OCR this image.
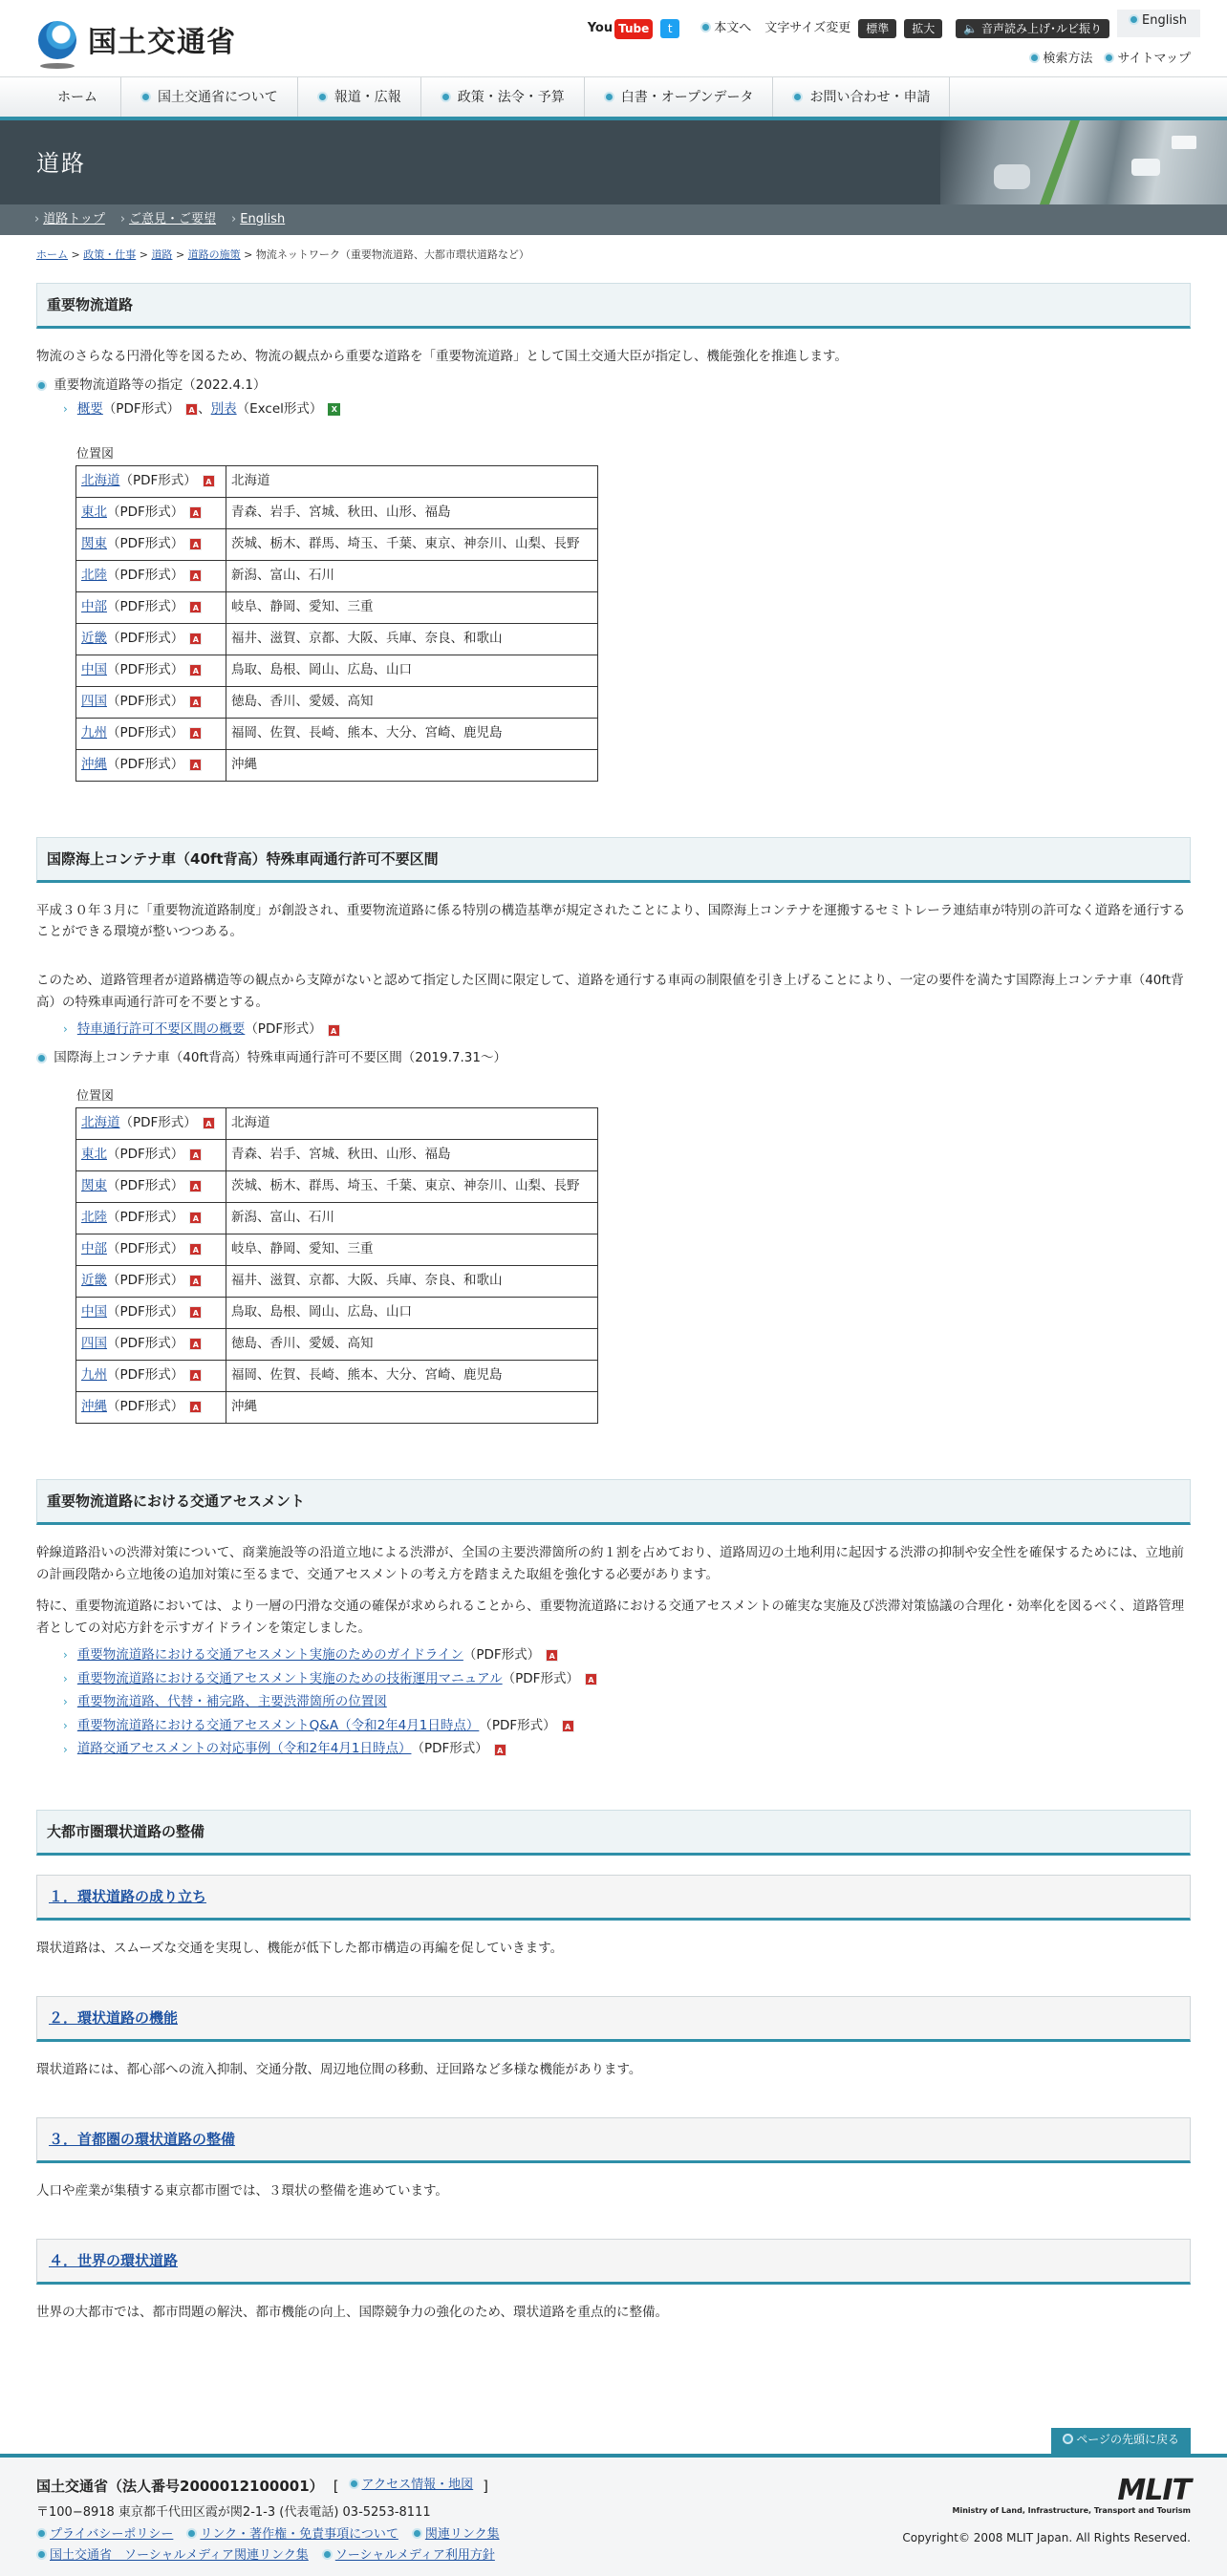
国土交通省	You Tube	t	本文へ 文字サイズ変更	標準	拡大	🔈 音声読み上げ･ルビ振り
English
検索方法	サイトマップ
ホーム	国土交通省について	報道・広報	政策・法令・予算	白書・オープンデータ	お問い合わせ・申請
道路
› 道路トップ › ご意見・ご要望 › English
ホーム > 政策・仕事 > 道路 > 道路の施策 > 物流ネットワーク（重要物流道路、大都市環状道路など）
重要物流道路

物流のさらなる円滑化等を図るため、物流の観点から重要な道路を「重要物流道路」として国土交通大臣が指定し、機能強化を推進します。

重要物流道路等の指定（2022.4.1）
› 概要 （PDF形式）	A 、 別表 （Excel形式）	X
位置図
北海道（PDF形式） A	北海道
東北（PDF形式） A	青森、岩手、宮城、秋田、山形、福島
関東（PDF形式） A	茨城、栃木、群馬、埼玉、千葉、東京、神奈川、山梨、長野
北陸（PDF形式） A	新潟、富山、石川
中部（PDF形式） A	岐阜、静岡、愛知、三重
近畿（PDF形式） A	福井、滋賀、京都、大阪、兵庫、奈良、和歌山
中国（PDF形式） A	鳥取、島根、岡山、広島、山口
四国（PDF形式） A	徳島、香川、愛媛、高知
九州（PDF形式） A	福岡、佐賀、長崎、熊本、大分、宮崎、鹿児島
沖縄（PDF形式） A	沖縄
国際海上コンテナ車（40ft背高）特殊車両通行許可不要区間

平成３０年３月に「重要物流道路制度」が創設され、重要物流道路に係る特別の構造基準が規定されたことにより、国際海上コンテナを運搬するセミトレーラ連結車が特別の許可なく道路を通行することができる環境が整いつつある。

このため、道路管理者が道路構造等の観点から支障がないと認めて指定した区間に限定して、道路を通行する車両の制限値を引き上げることにより、一定の要件を満たす国際海上コンテナ車（40ft背高）の特殊車両通行許可を不要とする。

› 特車通行許可不要区間の概要 （PDF形式）	A

国際海上コンテナ車（40ft背高）特殊車両通行許可不要区間（2019.7.31～）
位置図
北海道（PDF形式） A	北海道
東北（PDF形式） A	青森、岩手、宮城、秋田、山形、福島
関東（PDF形式） A	茨城、栃木、群馬、埼玉、千葉、東京、神奈川、山梨、長野
北陸（PDF形式） A	新潟、富山、石川
中部（PDF形式） A	岐阜、静岡、愛知、三重
近畿（PDF形式） A	福井、滋賀、京都、大阪、兵庫、奈良、和歌山
中国（PDF形式） A	鳥取、島根、岡山、広島、山口
四国（PDF形式） A	徳島、香川、愛媛、高知
九州（PDF形式） A	福岡、佐賀、長崎、熊本、大分、宮崎、鹿児島
沖縄（PDF形式） A	沖縄
重要物流道路における交通アセスメント

幹線道路沿いの渋滞対策について、商業施設等の沿道立地による渋滞が、全国の主要渋滞箇所の約１割を占めており、道路周辺の土地利用に起因する渋滞の抑制や安全性を確保するためには、立地前の計画段階から立地後の追加対策に至るまで、交通アセスメントの考え方を踏まえた取組を強化する必要があります。

特に、重要物流道路においては、より一層の円滑な交通の確保が求められることから、重要物流道路における交通アセスメントの確実な実施及び渋滞対策協議の合理化・効率化を図るべく、道路管理者としての対応方針を示すガイドラインを策定しました。

› 重要物流道路における交通アセスメント実施のためのガイドライン （PDF形式）	A
› 重要物流道路における交通アセスメント実施のための技術運用マニュアル （PDF形式）	A
› 重要物流道路、代替・補完路、主要渋滞箇所の位置図
› 重要物流道路における交通アセスメントQ&A（令和2年4月1日時点） （PDF形式）	A
› 道路交通アセスメントの対応事例（令和2年4月1日時点） （PDF形式）	A
大都市圏環状道路の整備
１．環状道路の成り立ち

環状道路は、スムーズな交通を実現し、機能が低下した都市構造の再編を促していきます。

２．環状道路の機能

環状道路には、都心部への流入抑制、交通分散、周辺地位間の移動、迂回路など多様な機能があります。

３．首都圏の環状道路の整備

人口や産業が集積する東京都市圏では、３環状の整備を進めています。

４．世界の環状道路

世界の大都市では、都市問題の解決、都市機能の向上、国際競争力の強化のため、環状道路を重点的に整備。

ページの先頭に戻る
国土交通省（法人番号2000012100001） [	アクセス情報・地図 ]
〒100−8918 東京都千代田区霞が関2-1-3 (代表電話) 03-5253-8111
プライバシーポリシー	リンク・著作権・免責事項について	関連リンク集
国土交通省　ソーシャルメディア関連リンク集	ソーシャルメディア利用方針
MLIT
Ministry of Land, Infrastructure, Transport and Tourism
Copyright© 2008 MLIT Japan. All Rights Reserved.
